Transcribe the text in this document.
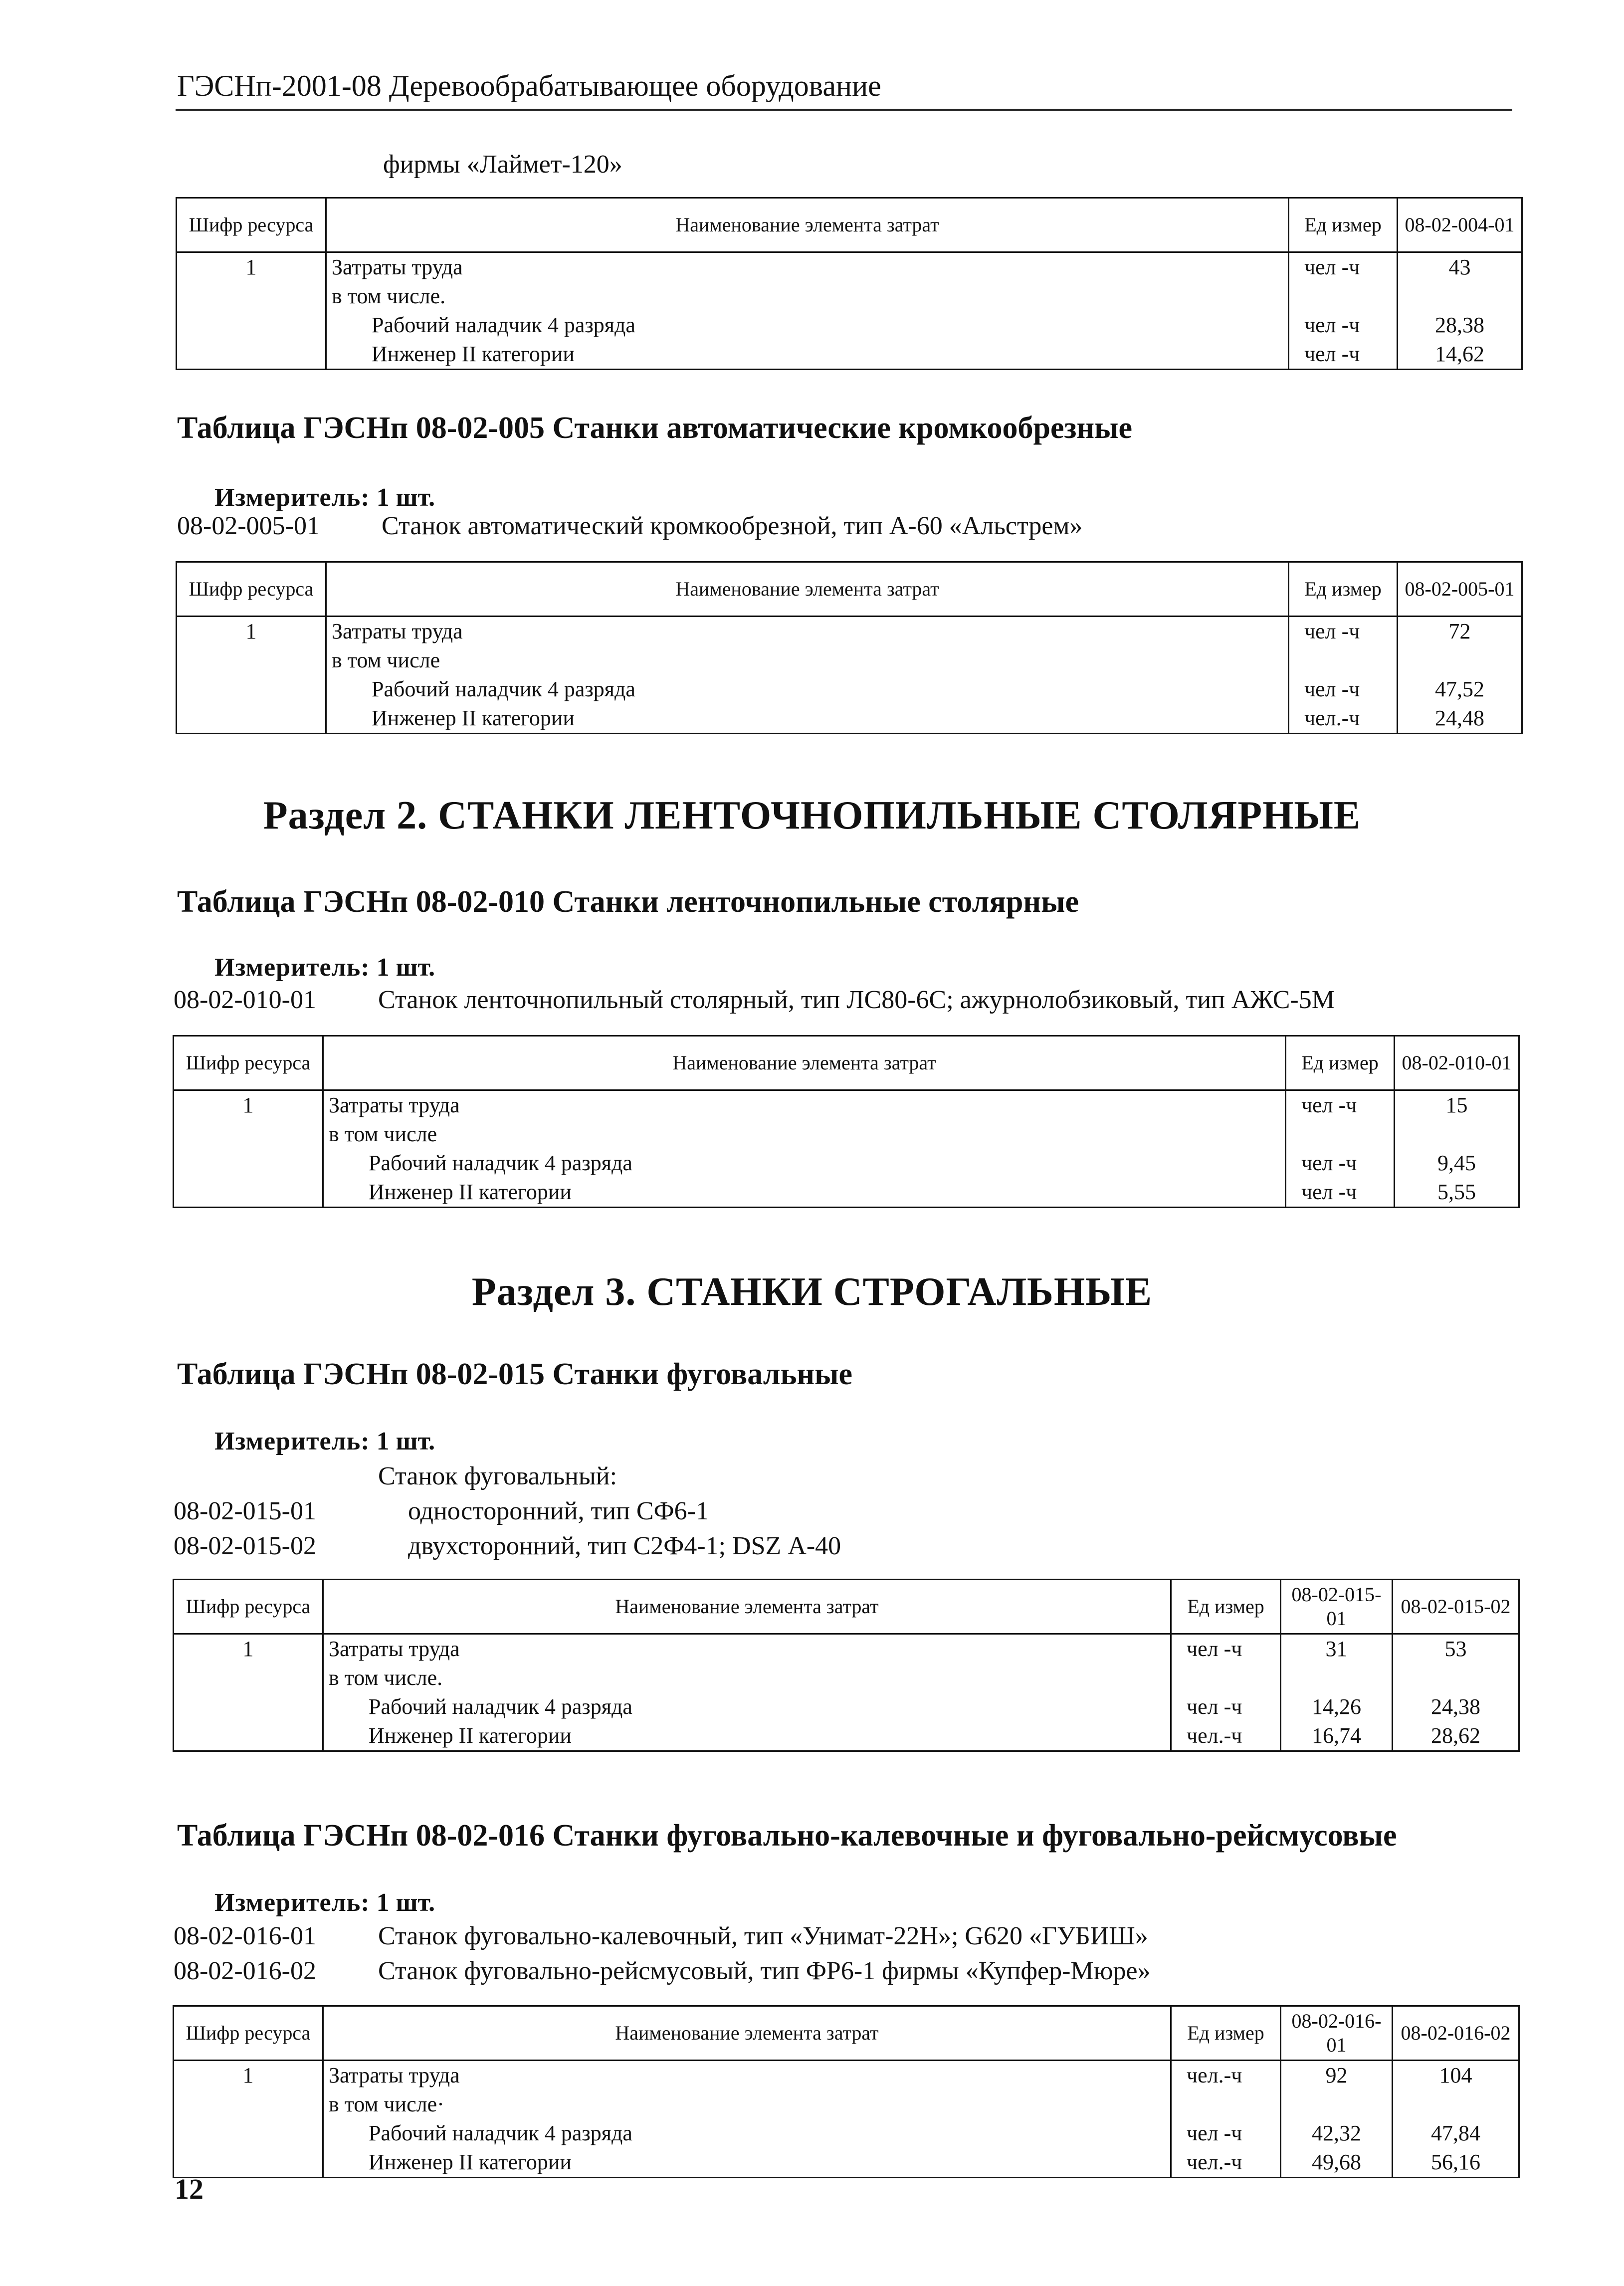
ГЭСНп-2001-08 Деревообрабатывающее оборудование
фирмы «Лаймет-120»
Шифр ресурса	Наименование элемента затрат	Ед измер	08-02-004-01
1	Затраты труда	чел -ч	43
	в том числе.		
	Рабочий наладчик 4 разряда	чел -ч	28,38
	Инженер II категории	чел -ч	14,62
Таблица ГЭСНп 08-02-005 Станки автоматические кромкообрезные
Измеритель: 1 шт.
08-02-005-01 Станок автоматический кромкообрезной, тип А-60 «Альстрем»
Шифр ресурса	Наименование элемента затрат	Ед измер	08-02-005-01
1	Затраты труда	чел -ч	72
	в том числе		
	Рабочий наладчик 4 разряда	чел -ч	47,52
	Инженер II категории	чел.-ч	24,48
Раздел 2. СТАНКИ ЛЕНТОЧНОПИЛЬНЫЕ СТОЛЯРНЫЕ
Таблица ГЭСНп 08-02-010 Станки ленточнопильные столярные
Измеритель: 1 шт.
08-02-010-01 Станок ленточнопильный столярный, тип ЛС80-6С; ажурнолобзиковый, тип АЖС-5М
Шифр ресурса	Наименование элемента затрат	Ед измер	08-02-010-01
1	Затраты труда	чел -ч	15
	в том числе		
	Рабочий наладчик 4 разряда	чел -ч	9,45
	Инженер II категории	чел -ч	5,55
Раздел 3. СТАНКИ СТРОГАЛЬНЫЕ
Таблица ГЭСНп 08-02-015 Станки фуговальные
Измеритель: 1 шт.
Станок фуговальный:
08-02-015-01	односторонний, тип СФ6-1
08-02-015-02	двухсторонний, тип С2Ф4-1; DSZ А-40
Шифр ресурса	Наименование элемента затрат	Ед измер	08-02-015-01	08-02-015-02
1	Затраты труда	чел -ч	31	53
	в том числе.			
	Рабочий наладчик 4 разряда	чел -ч	14,26	24,38
	Инженер II категории	чел.-ч	16,74	28,62
Таблица ГЭСНп 08-02-016 Станки фуговально-калевочные и фуговально-рейсмусовые
Измеритель: 1 шт.
08-02-016-01 Станок фуговально-калевочный, тип «Унимат-22Н»; G620 «ГУБИШ»
08-02-016-02 Станок фуговально-рейсмусовый, тип ФР6-1 фирмы «Купфер-Мюре»
Шифр ресурса	Наименование элемента затрат	Ед измер	08-02-016-01	08-02-016-02
1	Затраты труда	чел.-ч	92	104
	в том числе·			
	Рабочий наладчик 4 разряда	чел -ч	42,32	47,84
	Инженер II категории	чел.-ч	49,68	56,16
12
